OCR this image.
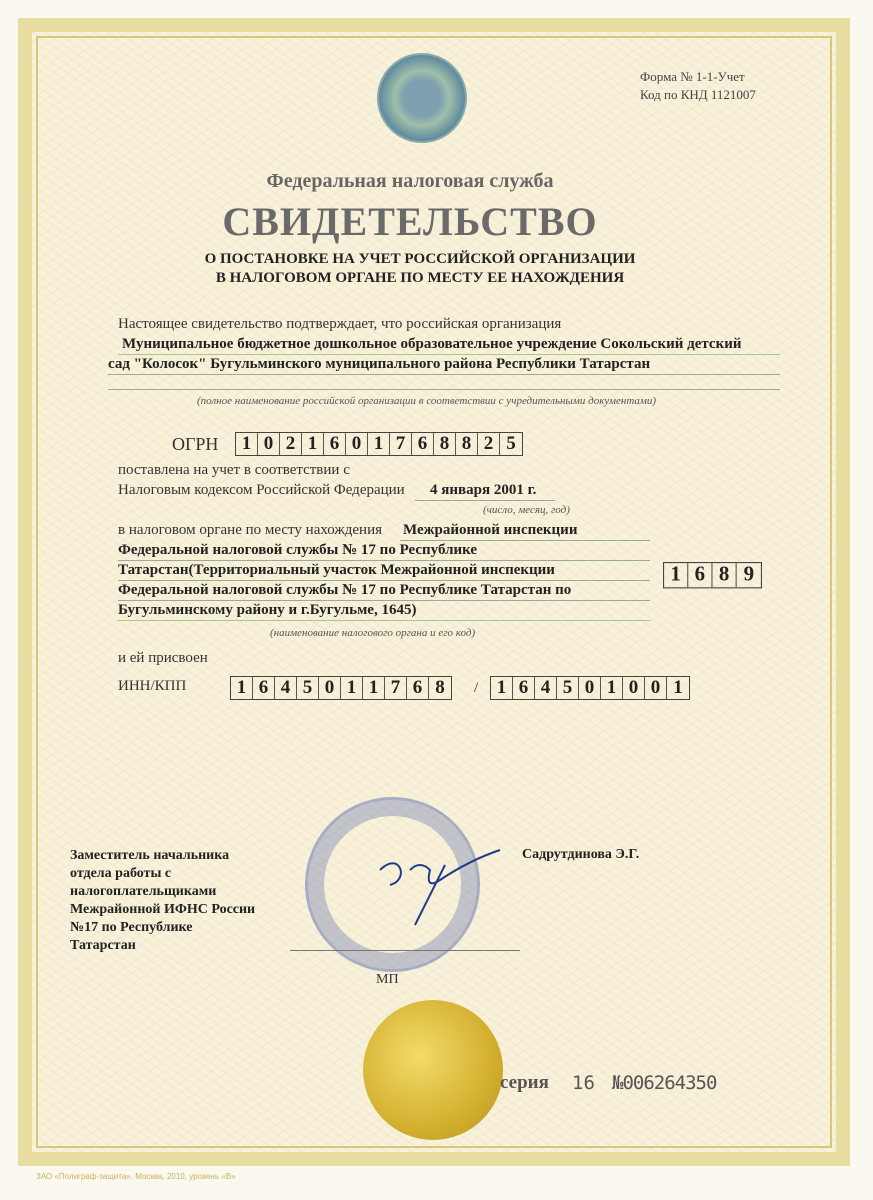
Форма № 1-1-Учет
Код по КНД 1121007
Федеральная налоговая служба
СВИДЕТЕЛЬСТВО
О ПОСТАНОВКЕ НА УЧЕТ РОССИЙСКОЙ ОРГАНИЗАЦИИ
В НАЛОГОВОМ ОРГАНЕ ПО МЕСТУ ЕЕ НАХОЖДЕНИЯ
Настоящее свидетельство подтверждает, что российская организация
Муниципальное бюджетное дошкольное образовательное учреждение Сокольский детский
сад "Колосок" Бугульминского муниципального района Республики Татарстан
(полное наименование российской организации в соответствии с учредительными документами)
ОГРН	1 0 2 1 6 0 1 7 6 8 8 2 5
поставлена на учет в соответствии с
Налоговым кодексом Российской Федерации 4 января 2001 г.
(число, месяц, год)
в налоговом органе по месту нахождения Межрайонной инспекции
Федеральной налоговой службы № 17 по Республике
Татарстан(Территориальный участок Межрайонной инспекции
Федеральной налоговой службы № 17 по Республике Татарстан по
Бугульминскому району и г.Бугульме, 1645)
1 6 8 9
(наименование налогового органа и его код)
и ей присвоен
ИНН/КПП	1 6 4 5 0 1 1 7 6 8	/ 1 6 4 5 0 1 0 0 1
Заместитель начальника
отдела работы с
налогоплательщиками
Межрайонной ИФНС России
№17 по Республике
Татарстан
Садрутдинова Э.Г.
МП
серия 16 №006264350
ЗАО «Полиграф-защита», Москва, 2010, уровень «В»
